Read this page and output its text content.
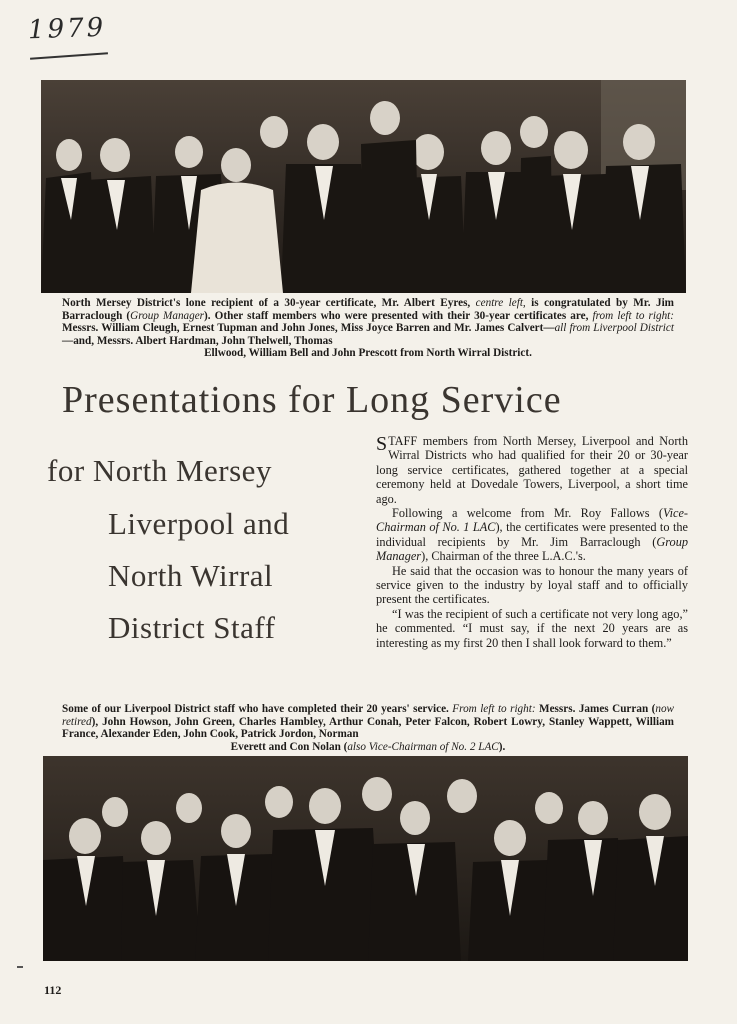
1979
North Mersey District's lone recipient of a 30-year certificate, Mr. Albert Eyres, centre left, is congratulated by Mr. Jim Barraclough (Group Manager). Other staff members who were presented with their 30-year certificates are, from left to right: Messrs. William Cleugh, Ernest Tupman and John Jones, Miss Joyce Barren and Mr. James Calvert—all from Liverpool District—and, Messrs. Albert Hardman, John Thelwell, Thomas
Ellwood, William Bell and John Prescott from North Wirral District.
Presentations for Long Service
for North Mersey
Liverpool and
North Wirral
District Staff

STAFF members from North Mersey, Liverpool and North Wirral Districts who had qualified for their 20 or 30-year long service certificates, gathered together at a special ceremony held at Dovedale Towers, Liverpool, a short time ago.

Following a welcome from Mr. Roy Fallows (Vice-Chairman of No. 1 LAC), the certificates were presented to the individual recipients by Mr. Jim Barraclough (Group Manager), Chairman of the three L.A.C.'s.

He said that the occasion was to honour the many years of service given to the industry by loyal staff and to officially present the certificates.

“I was the recipient of such a certificate not very long ago,” he commented. “I must say, if the next 20 years are as interesting as my first 20 then I shall look forward to them.”

Some of our Liverpool District staff who have completed their 20 years' service. From left to right: Messrs. James Curran (now retired), John Howson, John Green, Charles Hambley, Arthur Conah, Peter Falcon, Robert Lowry, Stanley Wappett, William France, Alexander Eden, John Cook, Patrick Jordon, Norman
Everett and Con Nolan (also Vice-Chairman of No. 2 LAC).
112
